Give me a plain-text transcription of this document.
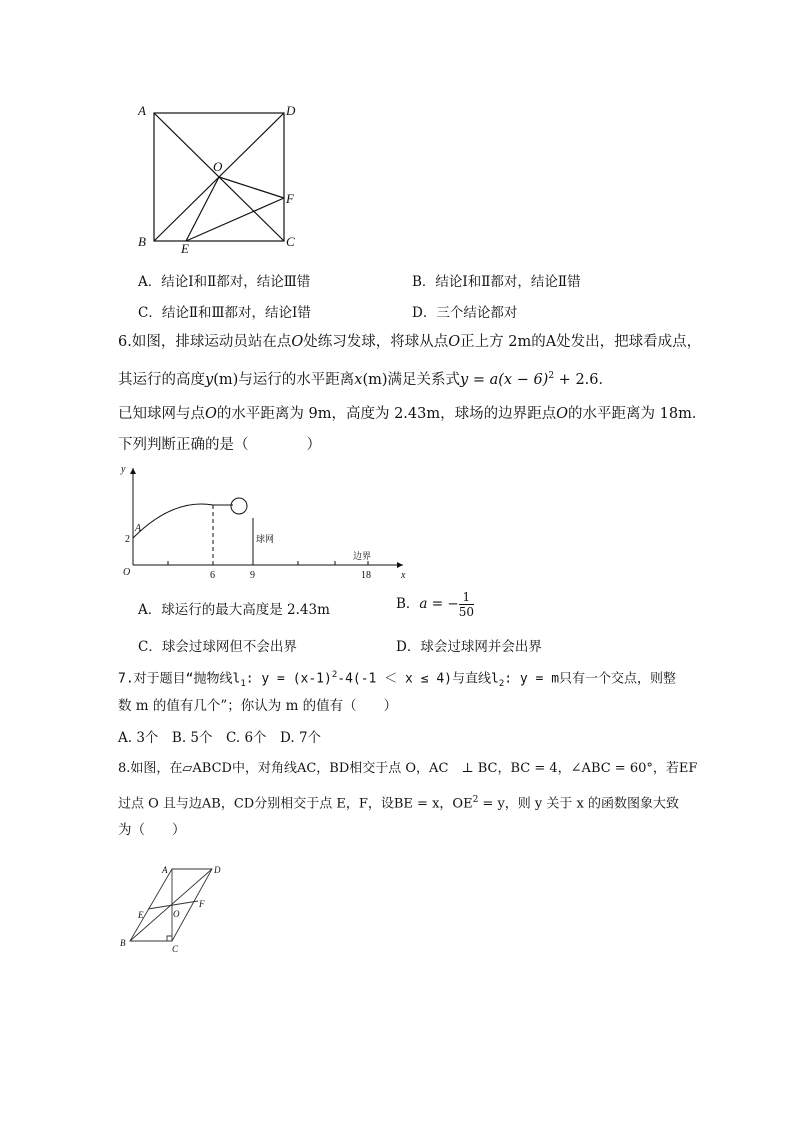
A	D
O
F
B	E	C
A．结论Ⅰ和Ⅱ都对，结论Ⅲ错	B．结论Ⅰ和Ⅱ都对，结论Ⅱ错
C．结论Ⅱ和Ⅲ都对，结论Ⅰ错	D．三个结论都对
6.如图，排球运动员站在点O处练习发球，将球从点O正上方 2m的A处发出，把球看成点，
其运行的高度y(m)与运行的水平距离x(m)满足关系式$y = a(x - 6)^2 + 2.6$．
已知球网与点O的水平距离为 9m，高度为 2.43m，球场的边界距点O的水平距离为 18m．
下列判断正确的是（　　　　）
y
x
O
A
2
6	9	18
球网
边界
A．球运行的最大高度是 2.43m	B．a = − $\frac{1}{50}$
C．球会过球网但不会出界	D．球会过球网并会出界
7.对于题目“抛物线$l_1$: $y = (x-1)^2-4(-1 < x \le 4)$与直线$l_2$: y = m只有一个交点，则整
数 m 的值有几个”；你认为 m 的值有（　　）
A. 3个　B. 5个　C. 6个　D. 7个
8.如图，在▱ABCD中，对角线AC，BD相交于点 O，AC　⊥ BC，BC = 4，∠ABC = 60°，若EF
过点 O 且与边AB，CD分别相交于点 E，F，设BE = x，$OE^2 = y$，则 y 关于 x 的函数图象大致
为（　　）
A	D
E	O
F
B
C
